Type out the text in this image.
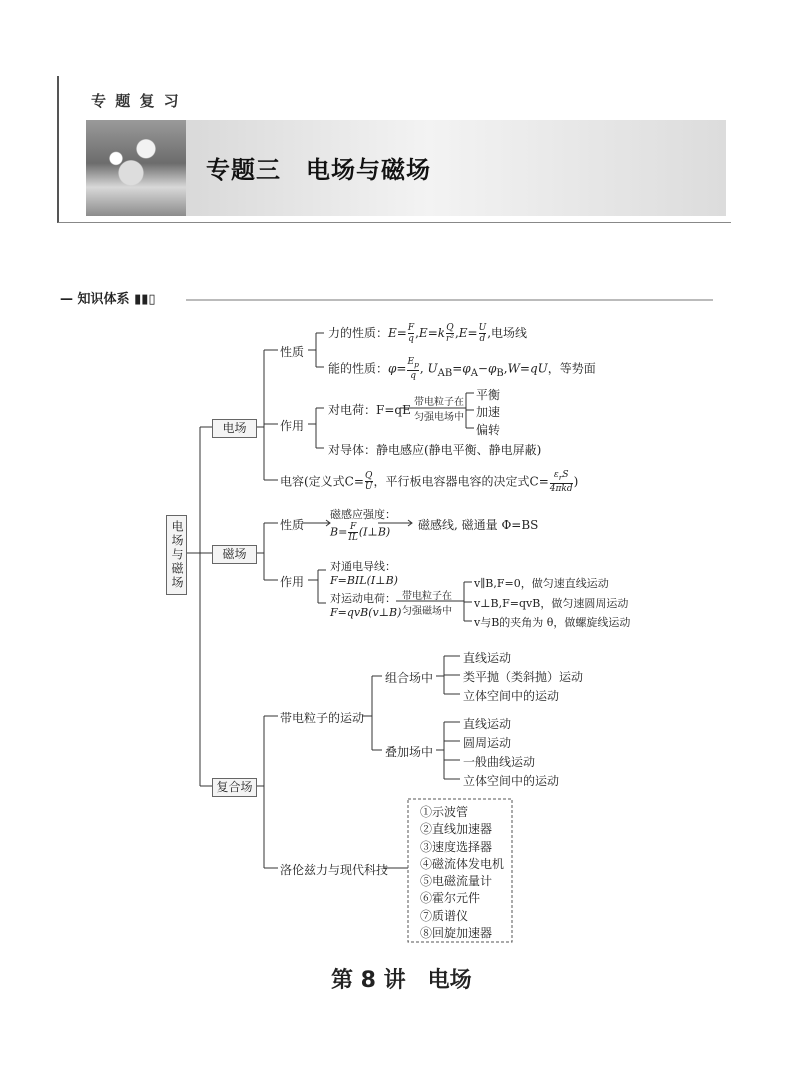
专 题 复 习
专题三　电场与磁场
— 知识体系 ▮▮▯
电场与磁场
电场
磁场
复合场
性质
力的性质：$E= \frac{F}{q} ,E=k \frac{Q}{\text{r²}} ,E= \frac{U}{d}$ ,电场线
能的性质：$\varphi= \frac{E_p}{q}$ , $U_{AB}=\varphi_A-\varphi_B,W=qU$，等势面
作用
对电荷：F=qE
带电粒子在
匀强电场中
平衡
加速
偏转
对导体：静电感应(静电平衡、静电屏蔽)
电容(定义式$C= \frac{Q}{U}$ ，平行板电容器电容的决定式$C= \frac{\varepsilon_rS}{\text{4πkd}}$ )
性质
磁感应强度：
$B= \frac{F}{IL}$ (I⊥B)	磁感线, 磁通量 Φ=BS
作用
对通电导线：
F=BIL(I⊥B)
对运动电荷：
F=qvB(v⊥B)
带电粒子在
匀强磁场中
v∥B,F=0，做匀速直线运动
v⊥B,F=qvB，做匀速圆周运动
v与B的夹角为 θ，做螺旋线运动
带电粒子的运动
组合场中
直线运动
类平抛（类斜抛）运动
立体空间中的运动
叠加场中
直线运动
圆周运动
一般曲线运动
立体空间中的运动
洛伦兹力与现代科技
①示波管
②直线加速器
③速度选择器
④磁流体发电机
⑤电磁流量计
⑥霍尔元件
⑦质谱仪
⑧回旋加速器
第 8 讲　电场
